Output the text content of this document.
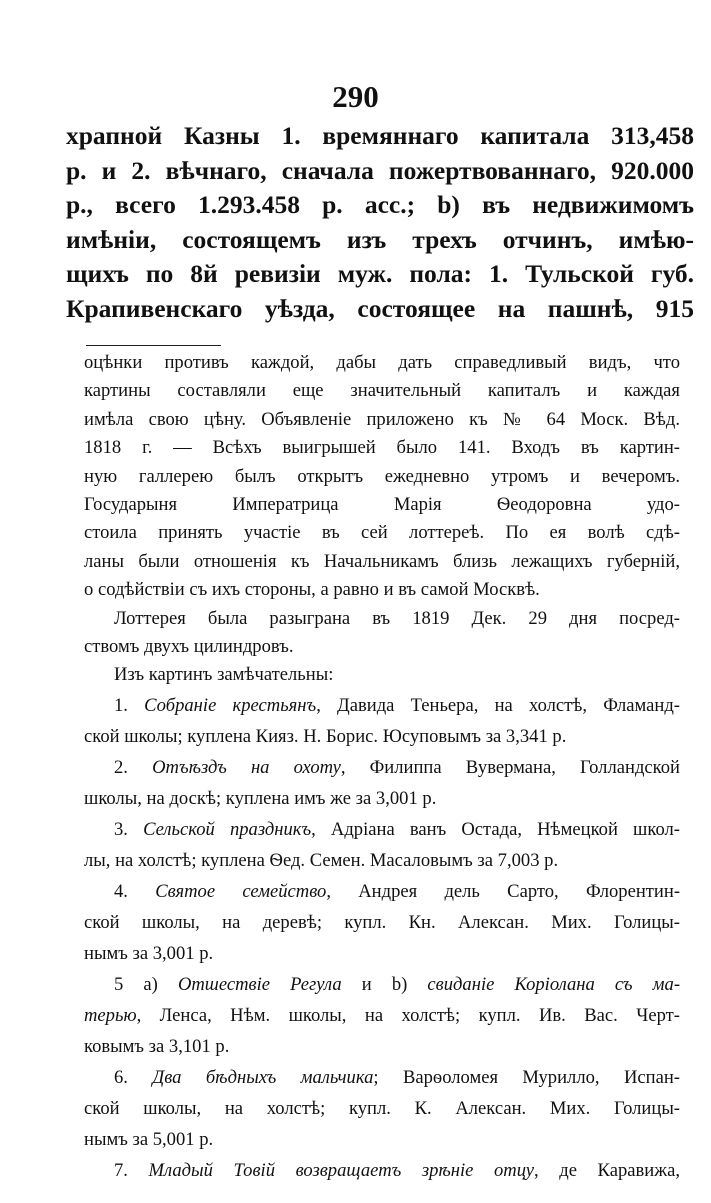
290
храпной Казны 1. времяннаго капитала 313,458
р. и 2. вѣчнаго, сначала пожертвованнаго, 920.000
р., всего 1.293.458 р. асс.; b) въ недвижимомъ
имѣніи, состоящемъ изъ трехъ отчинъ, имѣю-
щихъ по 8й ревизіи муж. пола: 1. Тульской губ.
Крапивенскаго уѣзда, состоящее на пашнѣ, 915
оцѣнки противъ каждой, дабы дать справедливый видъ, что
картины составляли еще значительный капиталъ и каждая
имѣла свою цѣну. Объявленіе приложено къ № 64 Моск. Вѣд.
1818 г. — Всѣхъ выигрышей было 141. Входъ въ картин-
ную галлерею былъ открытъ ежедневно утромъ и вечеромъ.
Государыня Императрица Марія Ѳеодоровна удо-
стоила принять участіе въ сей лоттереѣ. По ея волѣ сдѣ-
ланы были отношенія къ Начальникамъ близь лежащихъ губерній,
о содѣйствіи съ ихъ стороны, а равно и въ самой Москвѣ.
Лоттерея была разыграна въ 1819 Дек. 29 дня посред-
ствомъ двухъ цилиндровъ.
Изъ картинъ замѣчательны:
1. Собраніе крестьянъ, Давида Теньера, на холстѣ, Фламанд-
ской школы; куплена Кияз. Н. Борис. Юсуповымъ за 3,341 р.
2. Отъѣздъ на охоту, Филиппа Вувермана, Голландской
школы, на доскѣ; куплена имъ же за 3,001 р.
3. Сельской праздникъ, Адріана ванъ Остада, Нѣмецкой школ-
лы, на холстѣ; куплена Ѳед. Семен. Масаловымъ за 7,003 р.
4. Святое семейство, Андрея дель Сарто, Флорентин-
ской школы, на деревѣ; купл. Кн. Алексан. Мих. Голицы-
нымъ за 3,001 р.
5 a) Отшествіе Регула и b) свиданіе Коріолана съ ма-
терью, Ленса, Нѣм. школы, на холстѣ; купл. Ив. Вас. Черт-
ковымъ за 3,101 р.
6. Два бѣдныхъ мальчика; Варѳоломея Мурилло, Испан-
ской школы, на холстѣ; купл. К. Алексан. Мих. Голицы-
нымъ за 5,001 р.
7. Младый Товій возвращаетъ зрѣніе отцу, де Каравижа,
